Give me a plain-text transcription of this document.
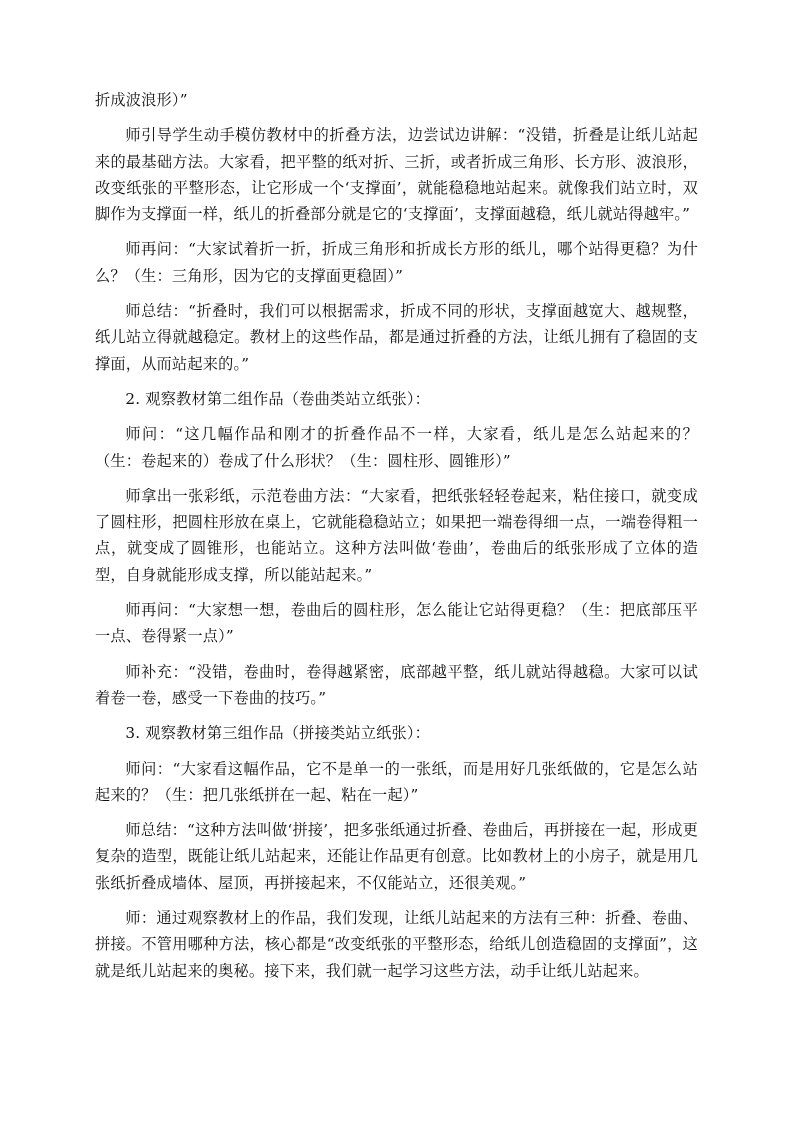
折成波浪形）”

师引导学生动手模仿教材中的折叠方法，边尝试边讲解：“没错，折叠是让纸儿站起来的最基础方法。大家看，把平整的纸对折、三折，或者折成三角形、长方形、波浪形，改变纸张的平整形态，让它形成一个‘支撑面’，就能稳稳地站起来。就像我们站立时，双脚作为支撑面一样，纸儿的折叠部分就是它的‘支撑面’，支撑面越稳，纸儿就站得越牢。”

师再问：“大家试着折一折，折成三角形和折成长方形的纸儿，哪个站得更稳？为什么？（生：三角形，因为它的支撑面更稳固）”

师总结：“折叠时，我们可以根据需求，折成不同的形状，支撑面越宽大、越规整，纸儿站立得就越稳定。教材上的这些作品，都是通过折叠的方法，让纸儿拥有了稳固的支撑面，从而站起来的。”

2. 观察教材第二组作品（卷曲类站立纸张）：

师问：“这几幅作品和刚才的折叠作品不一样，大家看，纸儿是怎么站起来的？（生：卷起来的）卷成了什么形状？（生：圆柱形、圆锥形）”

师拿出一张彩纸，示范卷曲方法：“大家看，把纸张轻轻卷起来，粘住接口，就变成了圆柱形，把圆柱形放在桌上，它就能稳稳站立；如果把一端卷得细一点，一端卷得粗一点，就变成了圆锥形，也能站立。这种方法叫做‘卷曲’，卷曲后的纸张形成了立体的造型，自身就能形成支撑，所以能站起来。”

师再问：“大家想一想，卷曲后的圆柱形，怎么能让它站得更稳？（生：把底部压平一点、卷得紧一点）”

师补充：“没错，卷曲时，卷得越紧密，底部越平整，纸儿就站得越稳。大家可以试着卷一卷，感受一下卷曲的技巧。”

3. 观察教材第三组作品（拼接类站立纸张）：

师问：“大家看这幅作品，它不是单一的一张纸，而是用好几张纸做的，它是怎么站起来的？（生：把几张纸拼在一起、粘在一起）”

师总结：“这种方法叫做‘拼接’，把多张纸通过折叠、卷曲后，再拼接在一起，形成更复杂的造型，既能让纸儿站起来，还能让作品更有创意。比如教材上的小房子，就是用几张纸折叠成墙体、屋顶，再拼接起来，不仅能站立，还很美观。”

师：通过观察教材上的作品，我们发现，让纸儿站起来的方法有三种：折叠、卷曲、拼接。不管用哪种方法，核心都是“改变纸张的平整形态，给纸儿创造稳固的支撑面”，这就是纸儿站起来的奥秘。接下来，我们就一起学习这些方法，动手让纸儿站起来。
